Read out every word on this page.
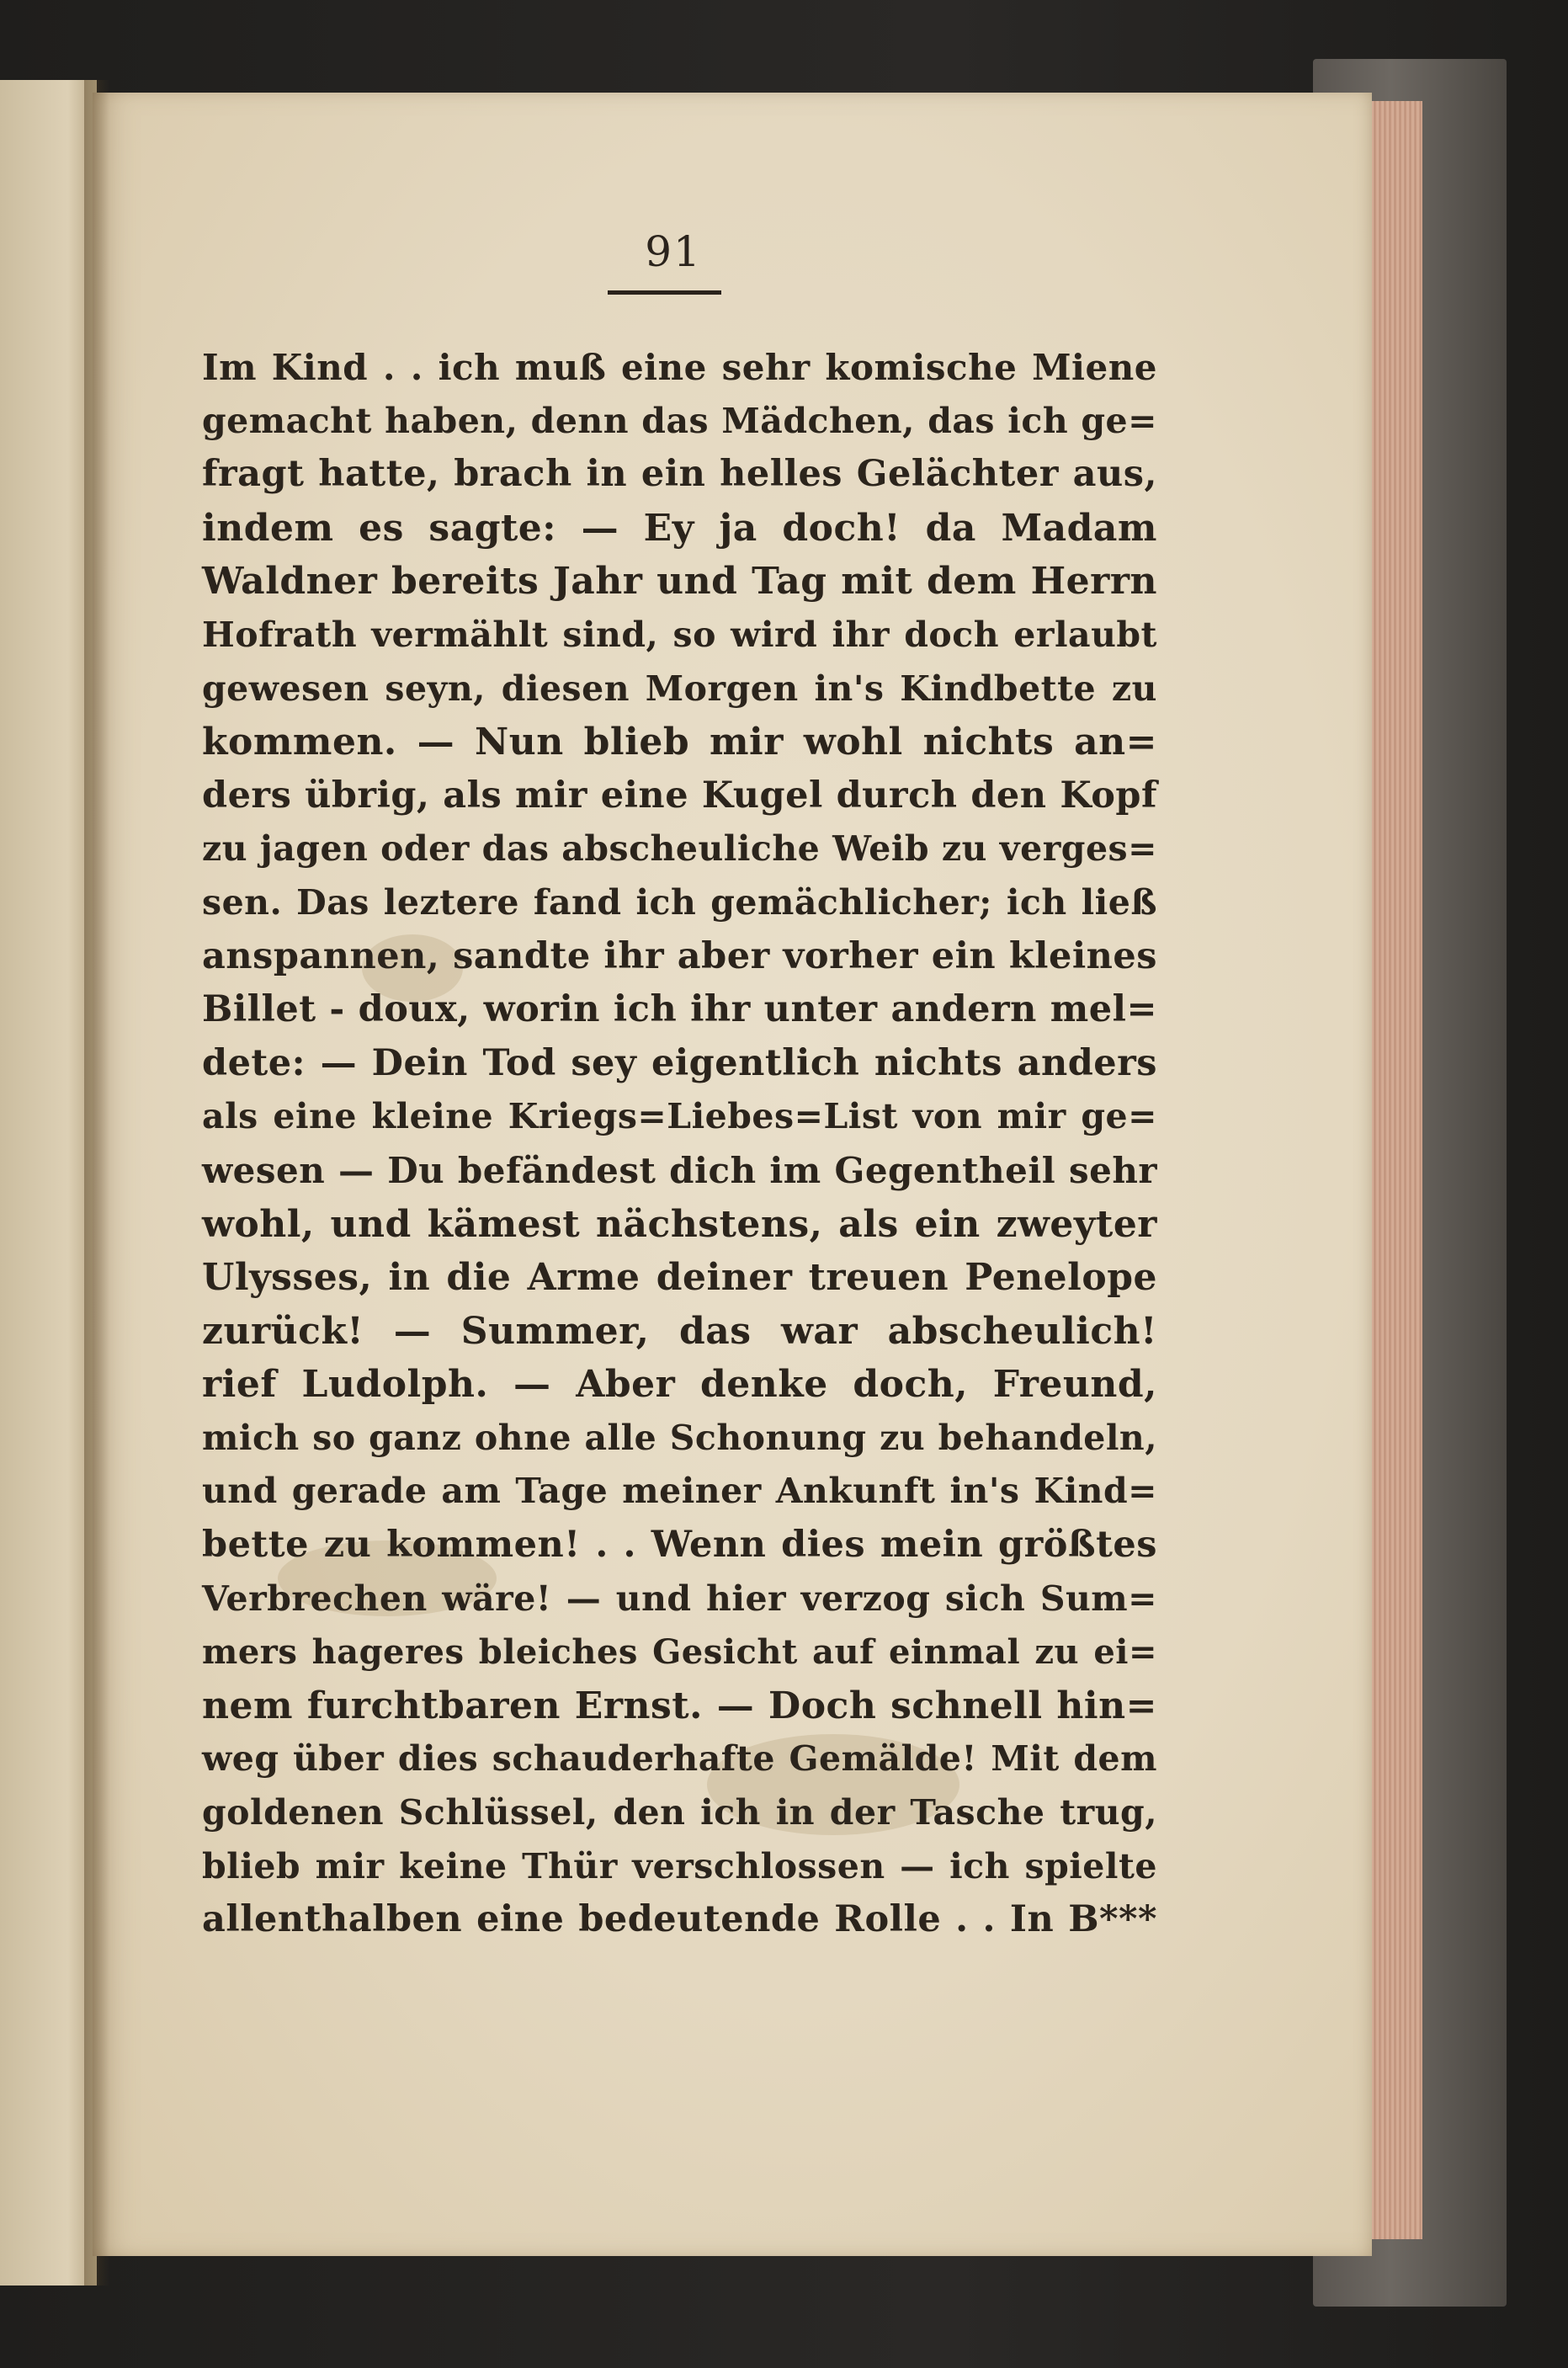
91
Im Kind . . ich muß eine sehr komische Miene
gemacht haben, denn das Mädchen, das ich ge=
fragt hatte, brach in ein helles Gelächter aus,
indem es sagte: — Ey ja doch! da Madam
Waldner bereits Jahr und Tag mit dem Herrn
Hofrath vermählt sind, so wird ihr doch erlaubt
gewesen seyn, diesen Morgen in's Kindbette zu
kommen. — Nun blieb mir wohl nichts an=
ders übrig, als mir eine Kugel durch den Kopf
zu jagen oder das abscheuliche Weib zu verges=
sen. Das leztere fand ich gemächlicher; ich ließ
anspannen, sandte ihr aber vorher ein kleines
Billet - doux, worin ich ihr unter andern mel=
dete: — Dein Tod sey eigentlich nichts anders
als eine kleine Kriegs=Liebes=List von mir ge=
wesen — Du befändest dich im Gegentheil sehr
wohl, und kämest nächstens, als ein zweyter
Ulysses, in die Arme deiner treuen Penelope
zurück! — Summer, das war abscheulich!
rief Ludolph. — Aber denke doch, Freund,
mich so ganz ohne alle Schonung zu behandeln,
und gerade am Tage meiner Ankunft in's Kind=
bette zu kommen! . . Wenn dies mein größtes
Verbrechen wäre! — und hier verzog sich Sum=
mers hageres bleiches Gesicht auf einmal zu ei=
nem furchtbaren Ernst. — Doch schnell hin=
weg über dies schauderhafte Gemälde! Mit dem
goldenen Schlüssel, den ich in der Tasche trug,
blieb mir keine Thür verschlossen — ich spielte
allenthalben eine bedeutende Rolle . . In B***
